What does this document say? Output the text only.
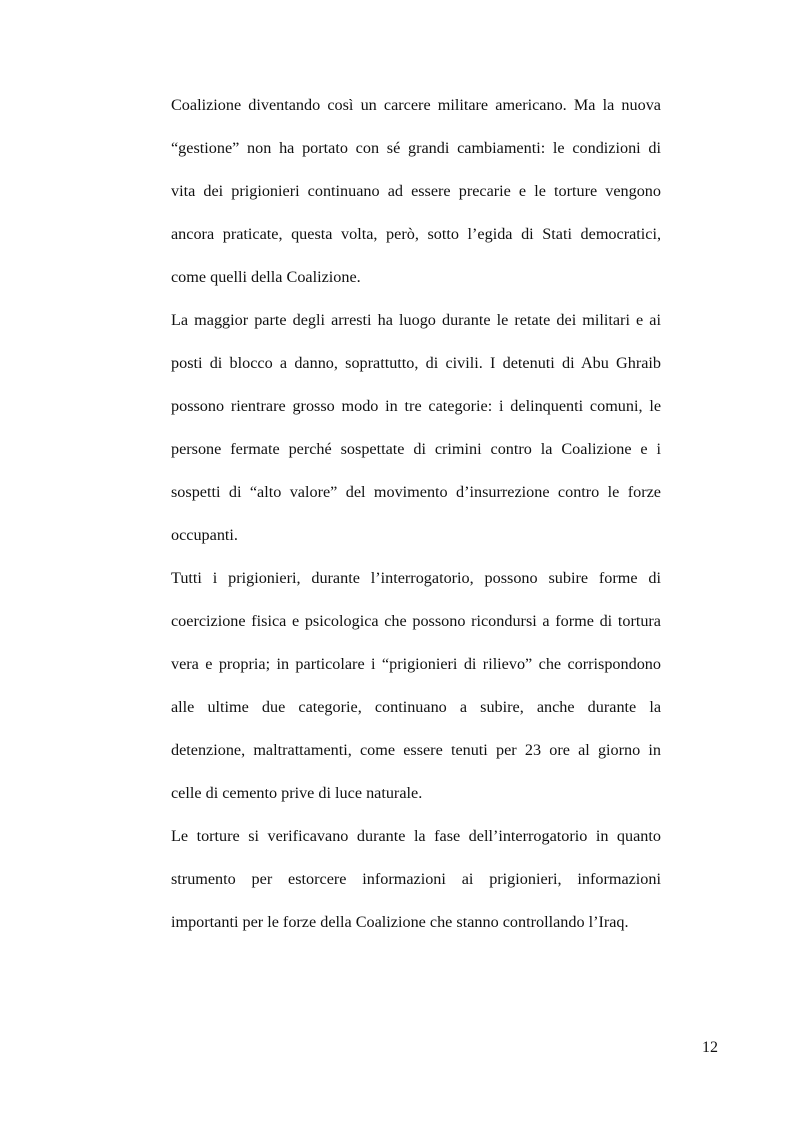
Coalizione diventando così un carcere militare americano. Ma la nuova
“gestione” non ha portato con sé grandi cambiamenti: le condizioni di
vita dei prigionieri continuano ad essere precarie e le torture vengono
ancora praticate, questa volta, però, sotto l’egida di Stati democratici,
come quelli della Coalizione.
La maggior parte degli arresti ha luogo durante le retate dei militari e ai
posti di blocco a danno, soprattutto, di civili. I detenuti di Abu Ghraib
possono rientrare grosso modo in tre categorie: i delinquenti comuni, le
persone fermate perché sospettate di crimini contro la Coalizione e i
sospetti di “alto valore” del movimento d’insurrezione contro le forze
occupanti.
Tutti i prigionieri, durante l’interrogatorio, possono subire forme di
coercizione fisica e psicologica che possono ricondursi a forme di tortura
vera e propria; in particolare i “prigionieri di rilievo” che corrispondono
alle ultime due categorie, continuano a subire, anche durante la
detenzione, maltrattamenti, come essere tenuti per 23 ore al giorno in
celle di cemento prive di luce naturale.
Le torture si verificavano durante la fase dell’interrogatorio in quanto
strumento per estorcere informazioni ai prigionieri, informazioni
importanti per le forze della Coalizione che stanno controllando l’Iraq.
12
